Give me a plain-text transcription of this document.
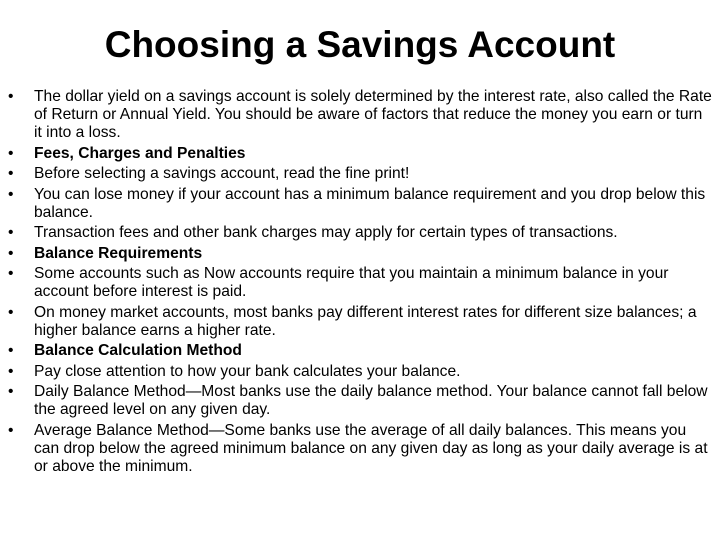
Choosing a Savings Account
•	The dollar yield on a savings account is solely determined by the interest rate, also called the Rate of Return or Annual Yield. You should be aware of factors that reduce the money you earn or turn it into a loss.
•	Fees, Charges and Penalties
•	Before selecting a savings account, read the fine print!
•	You can lose money if your account has a minimum balance requirement and you drop below this balance.
•	Transaction fees and other bank charges may apply for certain types of transactions.
•	Balance Requirements
•	Some accounts such as Now accounts require that you maintain a minimum balance in your account before interest is paid.
•	On money market accounts, most banks pay different interest rates for different size balances; a higher balance earns a higher rate.
•	Balance Calculation Method
•	Pay close attention to how your bank calculates your balance.
•	Daily Balance Method—Most banks use the daily balance method. Your balance cannot fall below the agreed level on any given day.
•	Average Balance Method—Some banks use the average of all daily balances. This means you can drop below the agreed minimum balance on any given day as long as your daily average is at or above the minimum.
